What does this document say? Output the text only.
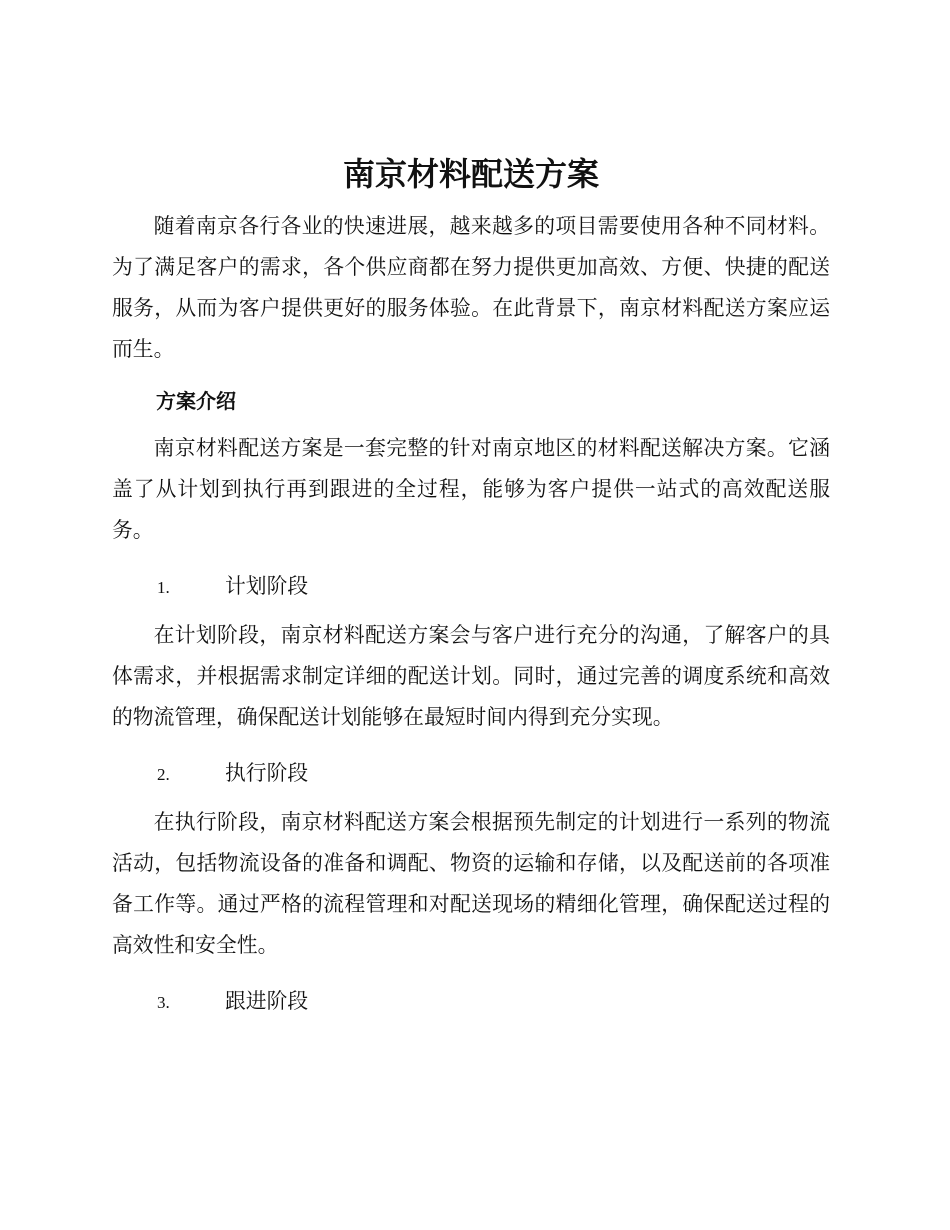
南京材料配送方案

随着南京各行各业的快速进展，越来越多的项目需要使用各种不同材料。为了满足客户的需求，各个供应商都在努力提供更加高效、方便、快捷的配送服务，从而为客户提供更好的服务体验。在此背景下，南京材料配送方案应运而生。

方案介绍

南京材料配送方案是一套完整的针对南京地区的材料配送解决方案。它涵盖了从计划到执行再到跟进的全过程，能够为客户提供一站式的高效配送服务。

1.	计划阶段

在计划阶段，南京材料配送方案会与客户进行充分的沟通，了解客户的具体需求，并根据需求制定详细的配送计划。同时，通过完善的调度系统和高效的物流管理，确保配送计划能够在最短时间内得到充分实现。

2.	执行阶段

在执行阶段，南京材料配送方案会根据预先制定的计划进行一系列的物流活动，包括物流设备的准备和调配、物资的运输和存储，以及配送前的各项准备工作等。通过严格的流程管理和对配送现场的精细化管理，确保配送过程的高效性和安全性。

3.	跟进阶段
